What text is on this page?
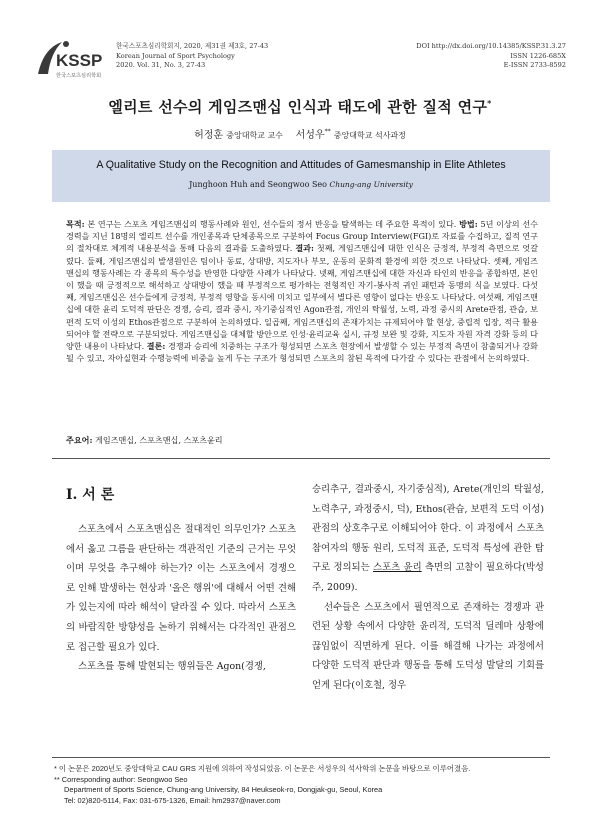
KSSP
한국스포츠심리학회
한국스포츠심리학회지, 2020, 제31권 제3호, 27-43
Korean Journal of Sport Psychology
2020. Vol. 31, No. 3, 27-43
DOI http://dx.doi.org/10.14385/KSSP.31.3.27
ISSN 1226-685X
E-ISSN 2733-8592
엘리트 선수의 게임즈맨십 인식과 태도에 관한 질적 연구*
허정훈 중앙대학교 교수 서성우** 중앙대학교 석사과정
A Qualitative Study on the Recognition and Attitudes of Gamesmanship in Elite Athletes
Junghoon Huh and Seongwoo Seo Chung-ang University
목적: 본 연구는 스포츠 게임즈맨십의 행동사례와 원인, 선수들의 정서 반응을 탐색하는 데 주요한 목적이 있다. 방법: 5년 이상의 선수 경력을 지닌 18명의 엘리트 선수를 개인종목과 단체종목으로 구분하여 Focus Group Interview(FGI)로 자료를 수집하고, 질적 연구의 절차대로 체계적 내용분석을 통해 다음의 결과를 도출하였다. 결과: 첫째, 게임즈맨십에 대한 인식은 긍정적, 부정적 측면으로 엇갈렸다. 둘째, 게임즈맨십의 발생원인은 팀이나 동료, 상대방, 지도자나 부모, 운동의 문화적 환경에 의한 것으로 나타났다. 셋째, 게임즈맨십의 행동사례는 각 종목의 특수성을 반영한 다양한 사례가 나타났다. 넷째, 게임즈맨십에 대한 자신과 타인의 반응을 종합하면, 본인이 했을 때 긍정적으로 해석하고 상대방이 했을 때 부정적으로 평가하는 전형적인 자기-봉사적 귀인 패턴과 동맹의 식을 보였다. 다섯째, 게임즈맨십은 선수들에게 긍정적, 부정적 영향을 동시에 미치고 일부에서 별다른 영향이 없다는 반응도 나타났다. 여섯째, 게임즈맨십에 대한 윤리 도덕적 판단은 경쟁, 승리, 결과 중시, 자기중심적인 Agon관점, 개인의 탁월성, 노력, 과정 중시의 Arete관점, 관습, 보편적 도덕 이성의 Ethos관점으로 구분하여 논의하였다. 일곱째, 게임즈맨십의 존재가치는 규제되어야 할 현상, 중립적 입장, 적극 활용되어야 할 전략으로 구분되었다. 게임즈맨십을 대체할 방안으로 인성·윤리교육 실시, 규정 보완 및 강화, 지도자 자원 자격 강화 등의 다양한 내용이 나타났다. 결론: 경쟁과 승리에 치중하는 구조가 형성되면 스포츠 현장에서 발생할 수 있는 부정적 측면이 참출되거나 강화될 수 있고, 자아실현과 수행능력에 비중을 높게 두는 구조가 형성되면 스포츠의 참된 목적에 다가갈 수 있다는 관점에서 논의하였다.
주요어: 게임즈맨십, 스포츠맨십, 스포츠윤리
I. 서 론

스포츠에서 스포츠맨십은 절대적인 의무인가? 스포츠에서 옳고 그름을 판단하는 객관적인 기준의 근거는 무엇이며 무엇을 추구해야 하는가? 이는 스포츠에서 경쟁으로 인해 발생하는 현상과 '올은 행위'에 대해서 어떤 견해가 있는지에 따라 해석이 달라질 수 있다. 따라서 스포츠의 바람직한 방향성을 논하기 위해서는 다각적인 관점으로 접근할 필요가 있다.

스포츠를 통해 발현되는 행위들은 Agon(경쟁,

승리추구, 결과중시, 자기중심적), Arete(개인의 탁월성, 노력추구, 과정중시, 덕), Ethos(관습, 보편적 도덕 이성) 관점의 상호추구로 이해되어야 한다. 이 과정에서 스포츠참여자의 행동 원리, 도덕적 표준, 도덕적 특성에 관한 탐구로 정의되는 스포츠 윤리 측면의 고찰이 필요하다(박성주, 2009).

선수들은 스포츠에서 필연적으로 존재하는 경쟁과 관련된 상황 속에서 다양한 윤리적, 도덕적 딜레마 상황에 끊임없이 직면하게 된다. 이를 해결해 나가는 과정에서 다양한 도덕적 판단과 행동을 통해 도덕성 발달의 기회를 얻게 된다(이호철, 정우

* 이 논문은 2020년도 중앙대학교 CAU GRS 지원에 의하여 작성되었음. 이 논문은 서성우의 석사학위 논문을 바탕으로 이루어졌음.
** Corresponding author: Seongwoo Seo
Department of Sports Science, Chung-ang University, 84 Heukseok-ro, Dongjak-gu, Seoul, Korea
Tel: 02)820-5114, Fax: 031-675-1326, Email: hm2937@naver.com
